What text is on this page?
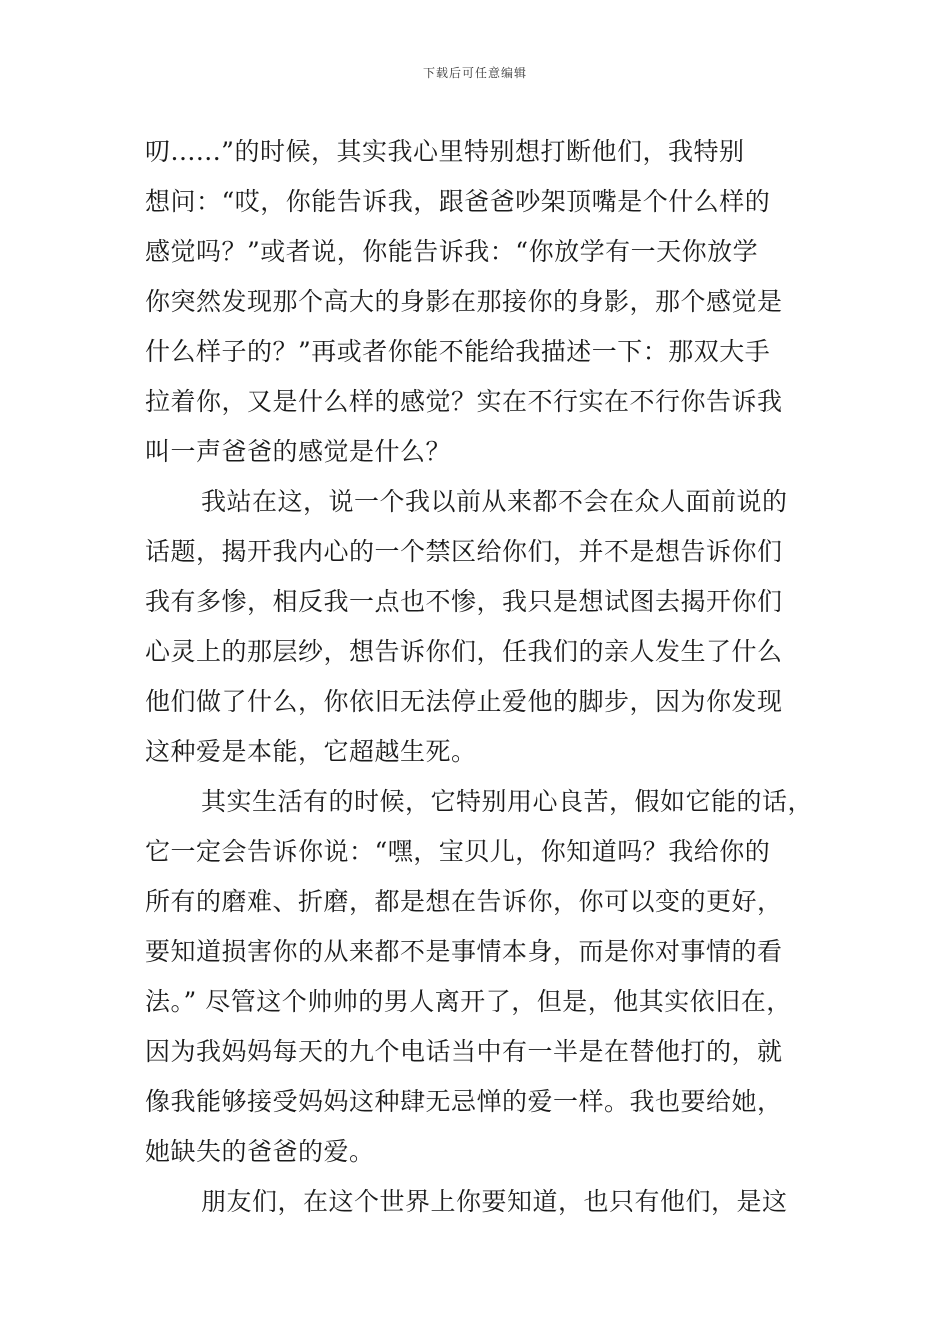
下载后可任意编辑
叨......”的时候，其实我心里特别想打断他们，我特别
想问：“哎，你能告诉我，跟爸爸吵架顶嘴是个什么样的
感觉吗？”或者说，你能告诉我：“你放学有一天你放学
你突然发现那个高大的身影在那接你的身影，那个感觉是
什么样子的？”再或者你能不能给我描述一下：那双大手
拉着你，又是什么样的感觉？实在不行实在不行你告诉我
叫一声爸爸的感觉是什么？
我站在这，说一个我以前从来都不会在众人面前说的
话题，揭开我内心的一个禁区给你们，并不是想告诉你们
我有多惨，相反我一点也不惨，我只是想试图去揭开你们
心灵上的那层纱，想告诉你们，任我们的亲人发生了什么
他们做了什么，你依旧无法停止爱他的脚步，因为你发现
这种爱是本能，它超越生死。
其实生活有的时候，它特别用心良苦，假如它能的话，
它一定会告诉你说：“嘿，宝贝儿，你知道吗？我给你的
所有的磨难、折磨，都是想在告诉你，你可以变的更好，
要知道损害你的从来都不是事情本身，而是你对事情的看
法。” 尽管这个帅帅的男人离开了，但是，他其实依旧在，
因为我妈妈每天的九个电话当中有一半是在替他打的，就
像我能够接受妈妈这种肆无忌惮的爱一样。我也要给她，
她缺失的爸爸的爱。
朋友们，在这个世界上你要知道，也只有他们，是这
